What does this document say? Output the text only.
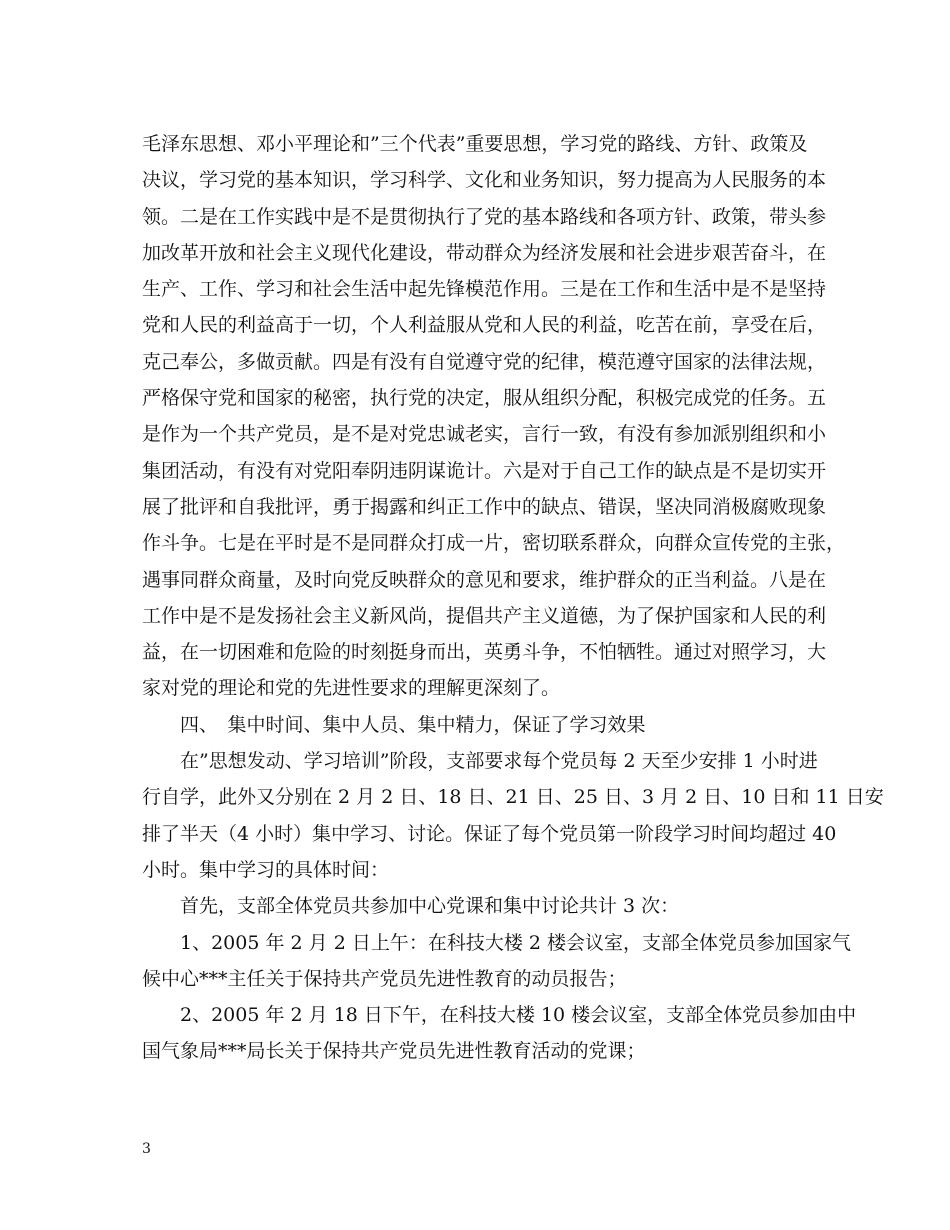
毛泽东思想、邓小平理论和”三个代表”重要思想，学习党的路线、方针、政策及
决议，学习党的基本知识，学习科学、文化和业务知识，努力提高为人民服务的本
领。二是在工作实践中是不是贯彻执行了党的基本路线和各项方针、政策，带头参
加改革开放和社会主义现代化建设，带动群众为经济发展和社会进步艰苦奋斗，在
生产、工作、学习和社会生活中起先锋模范作用。三是在工作和生活中是不是坚持
党和人民的利益高于一切，个人利益服从党和人民的利益，吃苦在前，享受在后，
克己奉公，多做贡献。四是有没有自觉遵守党的纪律，模范遵守国家的法律法规，
严格保守党和国家的秘密，执行党的决定，服从组织分配，积极完成党的任务。五
是作为一个共产党员，是不是对党忠诚老实，言行一致，有没有参加派别组织和小
集团活动，有没有对党阳奉阴违阴谋诡计。六是对于自己工作的缺点是不是切实开
展了批评和自我批评，勇于揭露和纠正工作中的缺点、错误，坚决同消极腐败现象
作斗争。七是在平时是不是同群众打成一片，密切联系群众，向群众宣传党的主张，
遇事同群众商量，及时向党反映群众的意见和要求，维护群众的正当利益。八是在
工作中是不是发扬社会主义新风尚，提倡共产主义道德，为了保护国家和人民的利
益，在一切困难和危险的时刻挺身而出，英勇斗争，不怕牺牲。通过对照学习，大
家对党的理论和党的先进性要求的理解更深刻了。
四、　集中时间、集中人员、集中精力，保证了学习效果
在”思想发动、学习培训”阶段，支部要求每个党员每 2 天至少安排 1 小时进
行自学，此外又分别在 2 月 2 日、18 日、21 日、25 日、3 月 2 日、10 日和 11 日安
排了半天（4 小时）集中学习、讨论。保证了每个党员第一阶段学习时间均超过 40
小时。集中学习的具体时间：
首先，支部全体党员共参加中心党课和集中讨论共计 3 次：
1、2005 年 2 月 2 日上午：在科技大楼 2 楼会议室，支部全体党员参加国家气
候中心***主任关于保持共产党员先进性教育的动员报告；
2、2005 年 2 月 18 日下午，在科技大楼 10 楼会议室，支部全体党员参加由中
国气象局***局长关于保持共产党员先进性教育活动的党课；
3
